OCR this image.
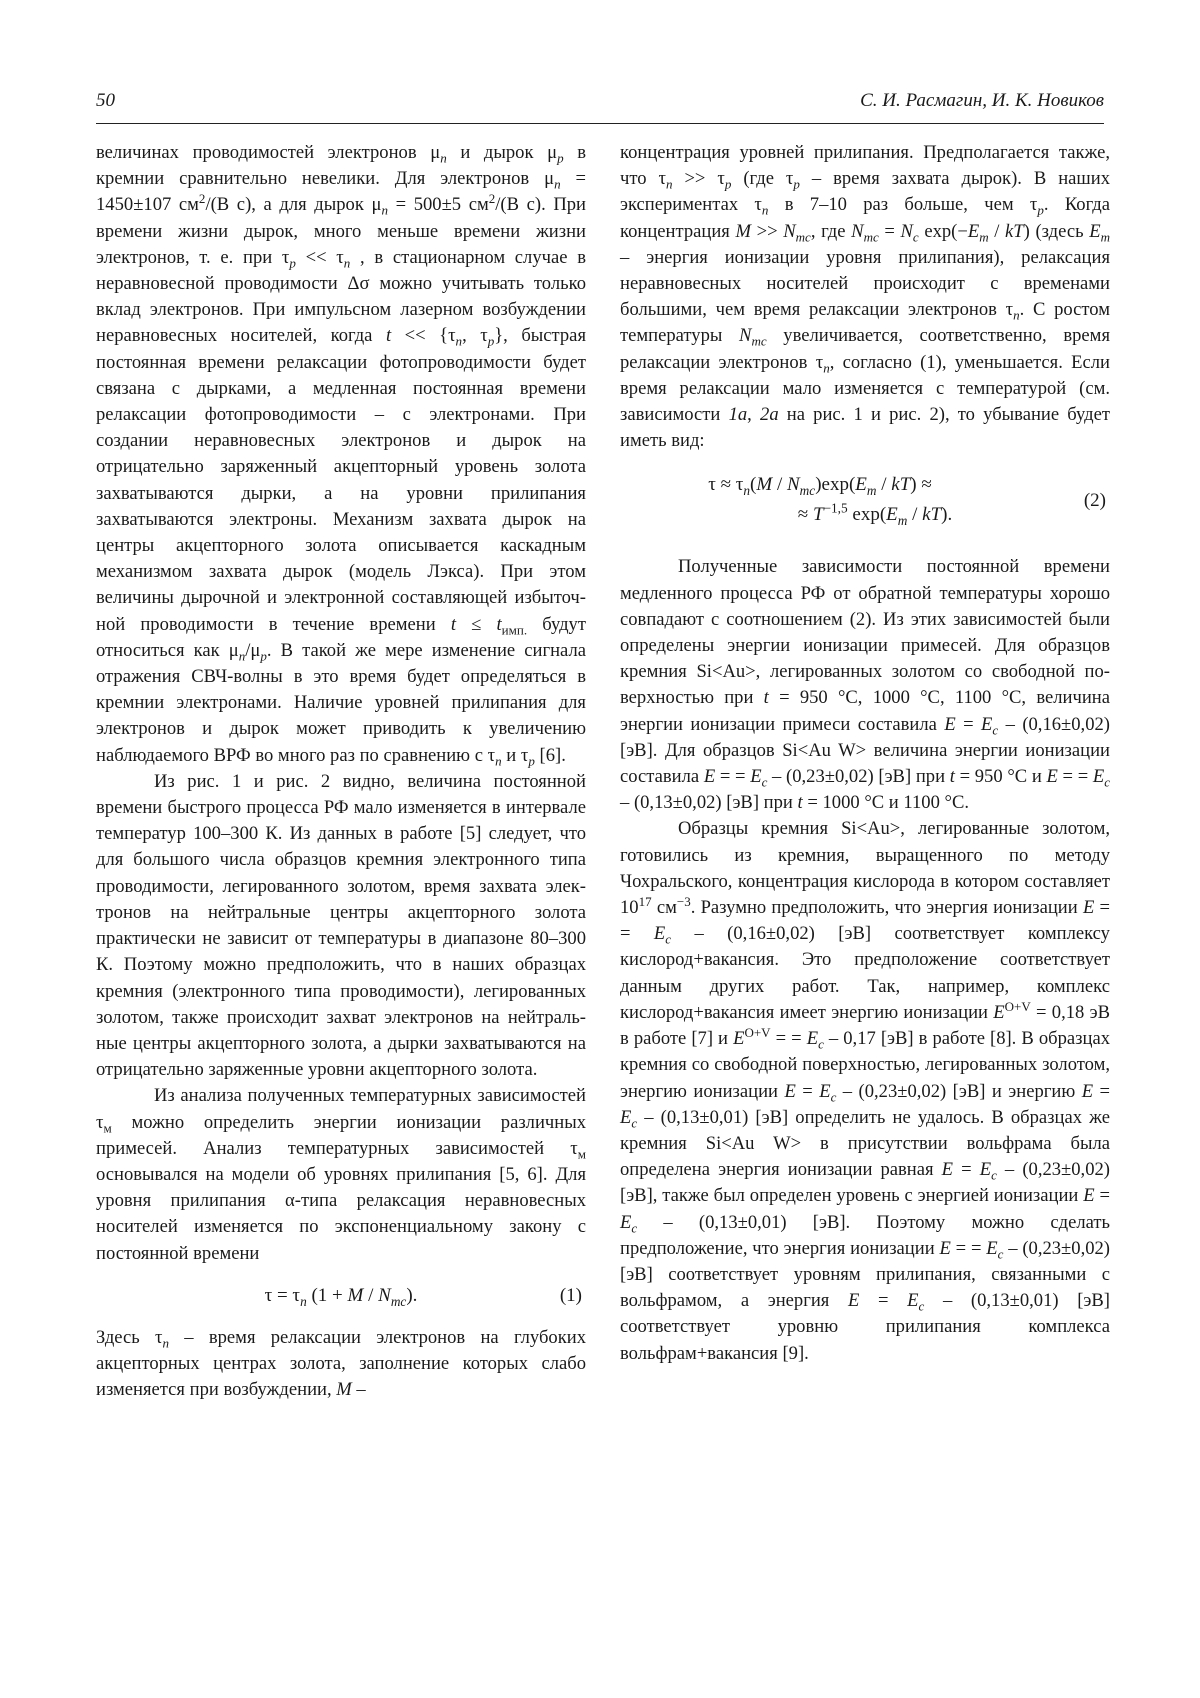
50	С. И. Расмагин, И. К. Новиков

величинах проводимостей электронов $\mu_n$ и дырок $\mu_p$ в кремнии сравнительно невелики. Для электронов $\mu_n = 1450\pm 107$ $см^2/(В$ с), а для дырок $\mu_n = 500\pm 5$ $см^2/(В$ с). При времени жизни дырок, много меньше времени жизни электронов, т. е. при $\tau_p << \tau_n$ , в стационарном случае в неравновесной проводимости Δσ можно учитывать только вклад электронов. При импульсном лазерном возбуждении неравновесных носителей, когда $t << \{\tau_n$, $\tau_p$}, быстрая постоянная времени релаксации фотопроводимости будет связана с дырками, а медленная постоянная времени релаксации фотопроводимости – с электронами. При создании неравновесных электронов и дырок на отрицательно заряженный акцепторный уровень золота захватываются дырки, а на уровни прилипания захватываются электроны. Механизм захвата дырок на центры акцепторного золота описывается каскадным механизмом захвата дырок (модель Лэкса). При этом величины дырочной и электронной составляющей избыточной проводимости в течение времени $t \le t_{имп.}$ будут относиться как $\mu_n/\mu_p$. В такой же мере изменение сигнала отражения СВЧ-волны в это время будет определяться в кремнии электронами. Наличие уровней прилипания для электронов и дырок может приводить к увеличению наблюдаемого ВРФ во много раз по сравнению с $\tau_n$ и $\tau_p$ [6].

Из рис. 1 и рис. 2 видно, величина постоянной времени быстрого процесса РФ мало изменяется в интервале температур 100–300 К. Из данных в работе [5] следует, что для большого числа образцов кремния электронного типа проводимости, легированного золотом, время захвата электронов на нейтральные центры акцепторного золота практически не зависит от температуры в диапазоне 80–300 К. Поэтому можно предположить, что в наших образцах кремния (электронного типа проводимости), легированных золотом, также происходит захват электронов на нейтральные центры акцепторного золота, а дырки захватываются на отрицательно заряженные уровни акцепторного золота.

Из анализа полученных температурных зависимостей $\tau_м$ можно определить энергии ионизации различных примесей. Анализ температурных зависимостей $\tau_м$ основывался на модели об уровнях прилипания [5, 6]. Для уровня прилипания α-типа релаксация неравновесных носителей изменяется по экспоненциальному закону с постоянной времени

$\tau = \tau_n$ $(1 + M / N_{mc})$.	(1)

Здесь $\tau_n$ – время релаксации электронов на глубоких акцепторных центрах золота, заполнение которых слабо изменяется при возбуждении, M –

концентрация уровней прилипания. Предполагается также, что $\tau_n >> \tau_p$ (где $\tau_p$ – время захвата дырок). В наших экспериментах $\tau_n$ в 7–10 раз больше, чем $\tau_p$. Когда концентрация $M >> N_{mc}$, где $N_{mc} = N_c$ $\exp(-E_m / kT)$ (здесь $E_m$ – энергия ионизации уровня прилипания), релаксация неравновесных носителей происходит с временaми большими, чем время релаксации электронов $\tau_n$. С ростом температуры $N_{mc}$ увеличивается, соответственно, время релаксации электронов $\tau_n$, согласно (1), уменьшается. Если время релаксации мало изменяется с температурой (см. зависимости 1a, 2a на рис. 1 и рис. 2), то убывание будет иметь вид:

$\tau \approx \tau_n(M / N_{mc})\exp(E_m / kT)$ ≈
≈ $T^{-1,5}$ $\exp(E_m / kT)$.
(2)

Полученные зависимости постоянной времени медленного процесса РФ от обратной температуры хорошо совпадают с соотношением (2). Из этих зависимостей были определены энергии ионизации примесей. Для образцов кремния Si<Au>, легированных золотом со свободной поверхностью при t = 950 °С, 1000 °С, 1100 °С, величина энергии ионизации примеси составила $E = E_c - (0,16\pm 0,02)$ [эВ]. Для образцов Si<Au W> величина энергии ионизации составила E = = $E_c - (0,23\pm 0,02)$ [эВ] при t = 950 °С и E = = $E_c - (0,13\pm 0,02)$ [эВ] при t = 1000 °С и 1100 °С.

Образцы кремния Si<Au>, легированные золотом, готовились из кремния, выращенного по методу Чохральского, концентрация кислорода в котором составляет $10^{17}$ $см^{-3}$. Разумно предположить, что энергия ионизации E = = $E_c - (0,16\pm 0,02)$ [эВ] соответствует комплексу кислород+вакансия. Это предположение соответствует данным других работ. Так, например, комплекс кислород+вакансия имеет энергию ионизации $E^{O+V} = 0,18$ эВ в работе [7] и $E^{O+V}$ = = $E_c - 0,17$ [эВ] в работе [8]. В образцах кремния со свободной поверхностью, легированных золотом, энергию ионизации $E = E_c - (0,23\pm 0,02)$ [эВ] и энергию $E = E_c - (0,13\pm 0,01)$ [эВ] определить не удалось. В образцах же кремния Si<Au W> в присутствии вольфрама была определена энергия ионизации равная $E = E_c - (0,23\pm 0,02)$ [эВ], также был определен уровень с энергией ионизации $E = E_c - (0,13\pm 0,01)$ [эВ]. Поэтому можно сделать предположение, что энергия ионизации E = = $E_c - (0,23\pm 0,02)$ [эВ] соответствует уровням прилипания, связанными с вольфрамом, а энергия $E = E_c - (0,13\pm 0,01)$ [эВ] соответствует уровню прилипания комплекса вольфрам+вакансия [9].
